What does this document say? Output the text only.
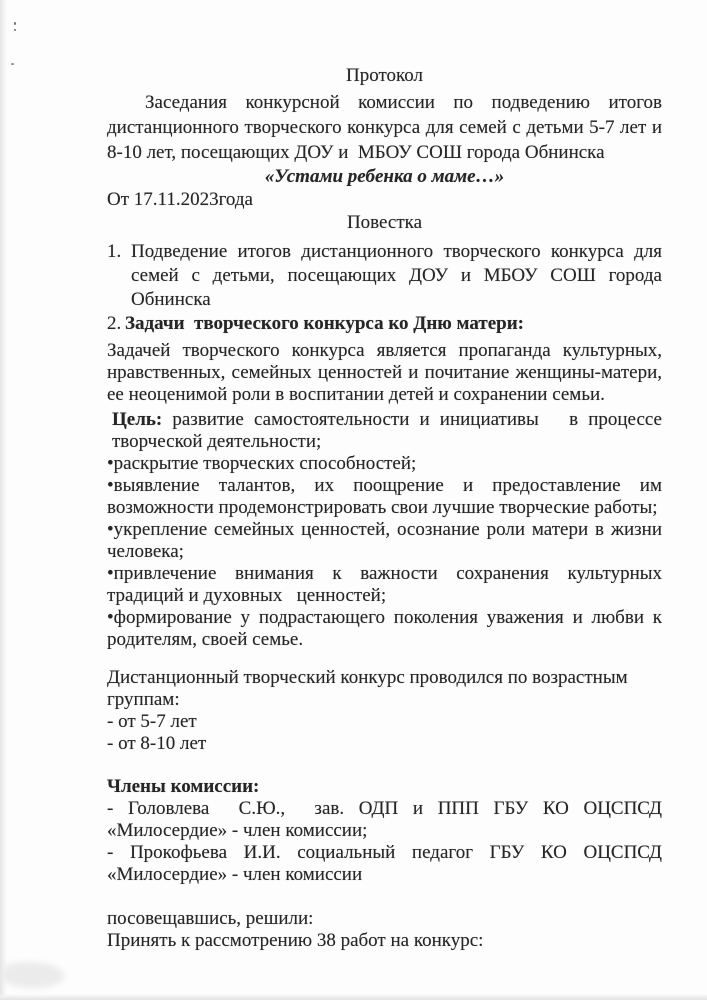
Протокол

Заседания конкурсной комиссии по подведению итогов дистанционного творческого конкурса для семей с детьми 5-7 лет и 8-10 лет, посещающих ДОУ и  МБОУ СОШ города Обнинска

«Устами ребенка о маме…»

От 17.11.2023года

Повестка

1. Подведение итогов дистанционного творческого конкурса для семей с детьми, посещающих ДОУ и МБОУ СОШ города Обнинска
2. Задачи  творческого конкурса ко Дню матери:

Задачей творческого конкурса является пропаганда культурных, нравственных, семейных ценностей и почитание женщины-матери, ее неоценимой роли в воспитании детей и сохранении семьи.

Цель: развитие самостоятельности и инициативы   в процессе творческой деятельности;

•раскрытие творческих способностей;

•выявление талантов, их поощрение и предоставление им возможности продемонстрировать свои лучшие творческие работы;

•укрепление семейных ценностей, осознание роли матери в жизни человека;

•привлечение внимания к важности сохранения культурных традиций и духовных   ценностей;

•формирование у подрастающего поколения уважения и любви к родителям, своей семье.

Дистанционный творческий конкурс проводился по возрастным группам:

- от 5-7 лет

- от 8-10 лет

Члены комиссии:

- Головлева  С.Ю.,  зав. ОДП и ППП ГБУ КО ОЦСПСД «Милосердие» - член комиссии;

- Прокофьева И.И. социальный педагог ГБУ КО ОЦСПСД «Милосердие» - член комиссии

посовещавшись, решили:

Принять к рассмотрению 38 работ на конкурс:
